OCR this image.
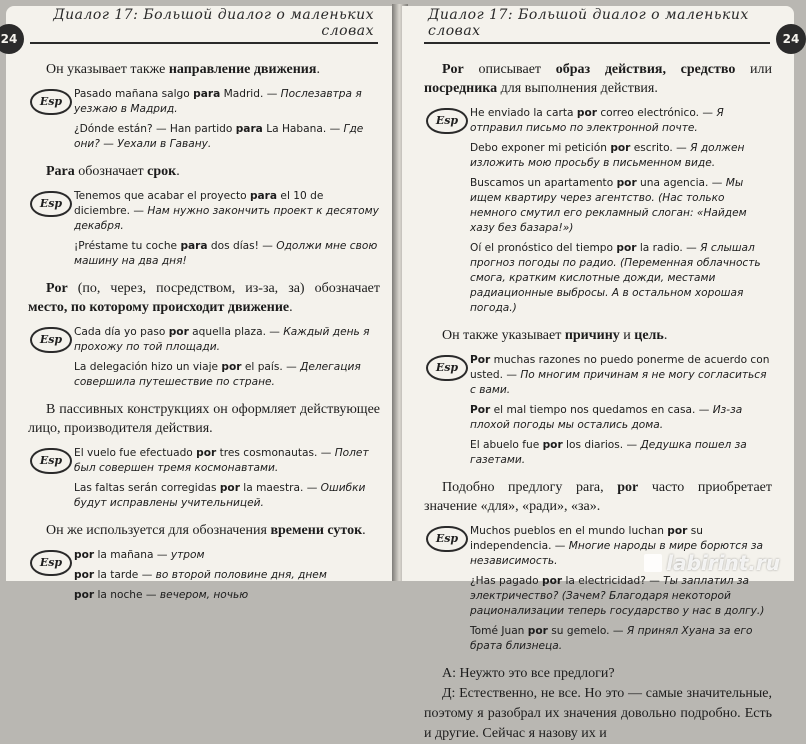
Диалог 17: Большой диалог о маленьких словах
24

Он указывает также направление движения.

Esp

Pasado mañana salgo para Madrid. — Послезавтра я уезжаю в Мадрид.

¿Dónde están? — Han partido para La Habana. — Где они? — Уехали в Гавану.

Para обозначает срок.

Esp

Tenemos que acabar el proyecto para el 10 de diciembre. — Нам нужно закончить проект к десятому декабря.

¡Préstame tu coche para dos días! — Одолжи мне свою машину на два дня!

Por (по, через, посредством, из-за, за) обозначает место, по которому происходит движение.

Esp

Cada día yo paso por aquella plaza. — Каждый день я прохожу по той площади.

La delegación hizo un viaje por el país. — Делегация совершила путешествие по стране.

В пассивных конструкциях он оформляет действующее лицо, производителя действия.

Esp

El vuelo fue efectuado por tres cosmonautas. — Полет был совершен тремя космонавтами.

Las faltas serán corregidas por la maestra. — Ошибки будут исправлены учительницей.

Он же используется для обозначения времени суток.

Esp

por la mañana — утром

por la tarde — во второй половине дня, днем

por la noche — вечером, ночью

Диалог 17: Большой диалог о маленьких словах	24

Por описывает образ действия, средство или посредника для выполнения действия.

Esp

He enviado la carta por correo electrónico. — Я отправил письмо по электронной почте.

Debo exponer mi petición por escrito. — Я должен изложить мою просьбу в письменном виде.

Buscamos un apartamento por una agencia. — Мы ищем квартиру через агентство. (Нас только немного смутил его рекламный слоган: «Найдем хазу без базара!»)

Oí el pronóstico del tiempo por la radio. — Я слышал прогноз погоды по радио. (Переменная облачность смога, кратким кислотные дожди, местами радиационные выбросы. А в остальном хорошая погода.)

Он также указывает причину и цель.

Esp

Por muchas razones no puedo ponerme de acuerdo con usted. — По многим причинам я не могу согласиться с вами.

Por el mal tiempo nos quedamos en casa. — Из-за плохой погоды мы остались дома.

El abuelo fue por los diarios. — Дедушка пошел за газетами.

Подобно предлогу para, por часто приобретает значение «для», «ради», «за».

Esp

Muchos pueblos en el mundo luchan por su independencia. — Многие народы в мире борются за независимость.

¿Has pagado por la electricidad? — Ты заплатил за электричество? (Зачем? Благодаря некоторой рационализации теперь государство у нас в долгу.)

Tomé Juan por su gemelo. — Я принял Хуана за его брата близнеца.

А: Неужто это все предлоги?
Д: Естественно, не все. Но это — самые значительные, поэтому я разобрал их значения довольно подробно. Есть и другие. Сейчас я назову их и
labirint.ru
